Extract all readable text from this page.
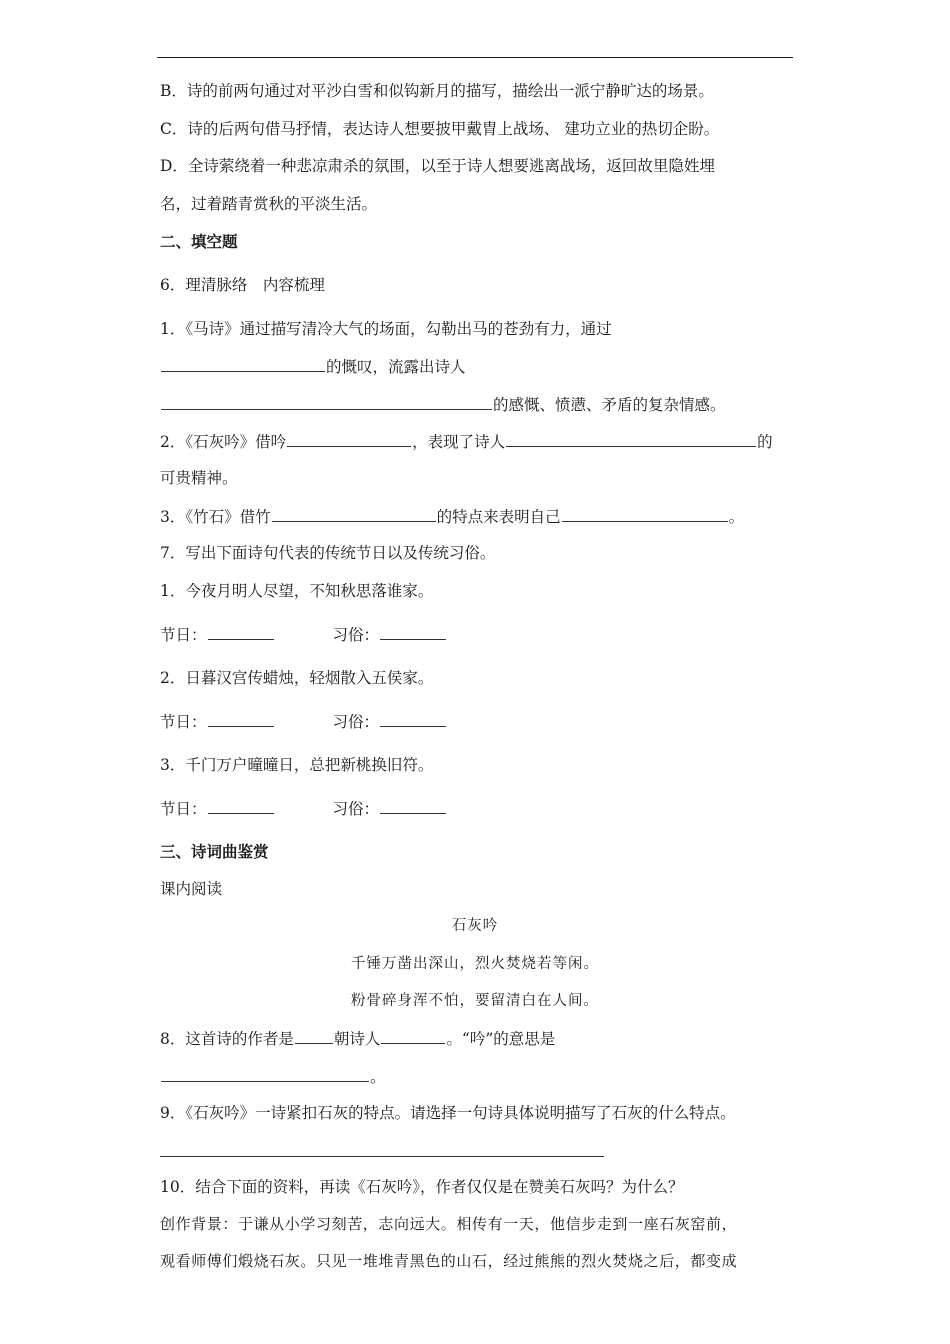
B．诗的前两句通过对平沙白雪和似钩新月的描写，描绘出一派宁静旷达的场景。
C．诗的后两句借马抒情，表达诗人想要披甲戴胄上战场、 建功立业的热切企盼。
D．全诗萦绕着一种悲凉肃杀的氛围，以至于诗人想要逃离战场，返回故里隐姓埋
名，过着踏青赏秋的平淡生活。
二、填空题
6．理清脉络　内容梳理
1．《马诗》通过描写清冷大气的场面，勾勒出马的苍劲有力，通过
的慨叹，流露出诗人
的感慨、愤懑、矛盾的复杂情感。
2．《石灰吟》借吟	，表现了诗人	的
可贵精神。
3．《竹石》借竹	的特点来表明自己	。
7．写出下面诗句代表的传统节日以及传统习俗。
1．今夜月明人尽望，不知秋思落谁家。
节日：	习俗：
2．日暮汉宫传蜡烛，轻烟散入五侯家。
节日：	习俗：
3．千门万户曈曈日，总把新桃换旧符。
节日：	习俗：
三、诗词曲鉴赏
课内阅读
石灰吟
千锤万凿出深山，烈火焚烧若等闲。
粉骨碎身浑不怕，要留清白在人间。
8．这首诗的作者是	朝诗人	。“吟”的意思是
。
9．《石灰吟》一诗紧扣石灰的特点。请选择一句诗具体说明描写了石灰的什么特点。
10．结合下面的资料，再读《石灰吟》，作者仅仅是在赞美石灰吗？为什么？
创作背景：于谦从小学习刻苦，志向远大。相传有一天，他信步走到一座石灰窑前，
观看师傅们煅烧石灰。只见一堆堆青黑色的山石，经过熊熊的烈火焚烧之后，都变成
